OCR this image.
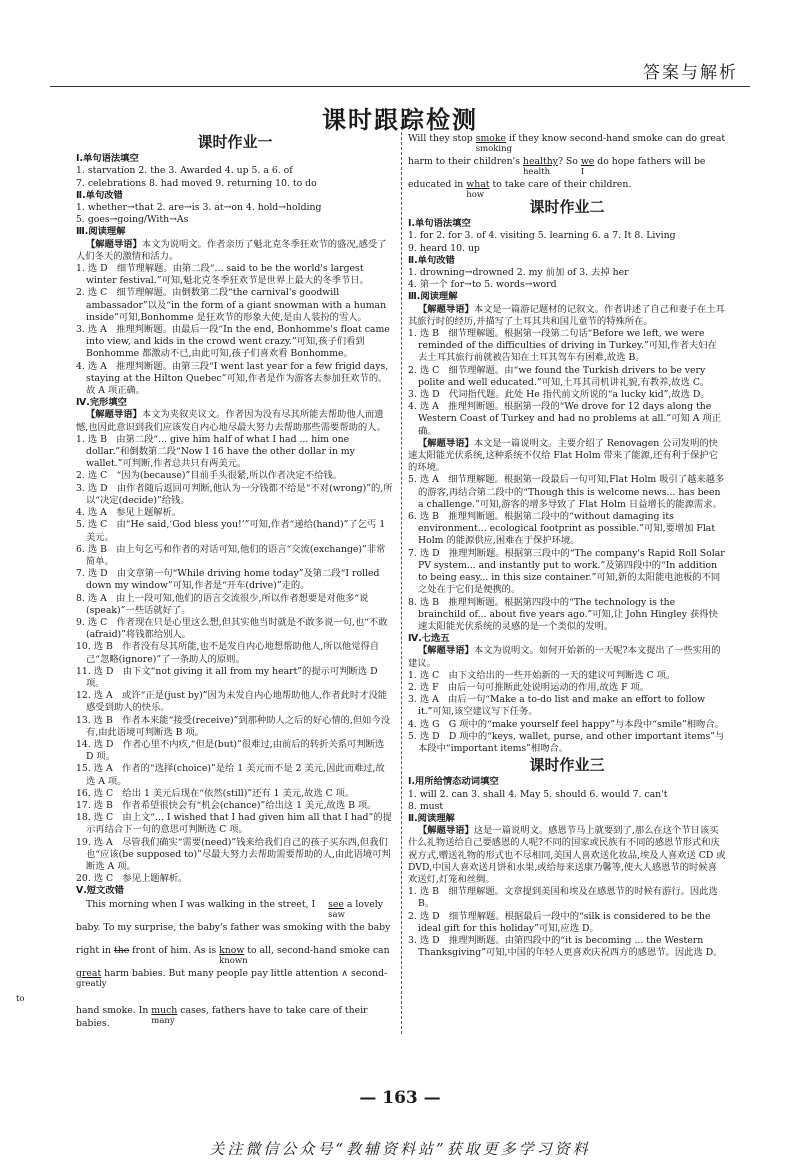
答案与解析
课时跟踪检测
课时作业一

Ⅰ.单句语法填空

1. starvation 2. the 3. Awarded 4. up 5. a 6. of

7. celebrations 8. had moved 9. returning 10. to do

Ⅱ.单句改错

1. whether→that 2. are→is 3. at→on 4. hold→holding

5. goes→going/With→As

Ⅲ.阅读理解

【解题导语】本文为说明文。作者亲历了魁北克冬季狂欢节的盛况,感受了人们冬天的激情和活力。

1. 选 D　细节理解题。由第二段“... said to be the world's largest winter festival.”可知,魁北克冬季狂欢节是世界上最大的冬季节日。

2. 选 C　细节理解题。由倒数第二段“the carnival's goodwill ambassador”以及“in the form of a giant snowman with a human inside”可知,Bonhomme 是狂欢节的形象大使,是由人装扮的雪人。

3. 选 A　推理判断题。由最后一段“In the end, Bonhomme's float came into view, and kids in the crowd went crazy.”可知,孩子们看到 Bonhomme 都激动不已,由此可知,孩子们喜欢看 Bonhomme。

4. 选 A　推理判断题。由第三段“I went last year for a few frigid days, staying at the Hilton Quebec”可知,作者是作为游客去参加狂欢节的。故 A 项正确。

Ⅳ.完形填空

【解题导语】本文为夹叙夹议文。作者因为没有尽其所能去帮助他人而遗憾,也因此意识到我们应该发自内心地尽最大努力去帮助那些需要帮助的人。

1. 选 B　由第二段“... give him half of what I had ... him one dollar.”和倒数第二段“Now I 16 have the other dollar in my wallet.”可判断,作者总共只有两美元。

2. 选 C　“因为(because)”目前手头很紧,所以作者决定不给钱。

3. 选 D　由作者随后返回可判断,他认为一分钱都不给是“不对(wrong)”的,所以“决定(decide)”给钱。

4. 选 A　参见上题解析。

5. 选 C　由“He said,‘God bless you!’”可知,作者“递给(hand)”了乞丐 1 美元。

6. 选 B　由上句乞丐和作者的对话可知,他们的语言“交流(exchange)”非常简单。

7. 选 D　由文章第一句“While driving home today”及第二段“I rolled down my window”可知,作者是“开车(drive)”走的。

8. 选 A　由上一段可知,他们的语言交流很少,所以作者想要是对他多“说(speak)”一些话就好了。

9. 选 C　作者现在只是心里这么想,但其实他当时就是不敢多说一句,也“不敢(afraid)”将钱都给别人。

10. 选 B　作者没有尽其所能,也不是发自内心地想帮助他人,所以他觉得自己“忽略(ignore)”了一条助人的原则。

11. 选 D　由下文“not giving it all from my heart”的提示可判断选 D 项。

12. 选 A　或许“正是(just by)”因为未发自内心地帮助他人,作者此时才没能感受到助人的快乐。

13. 选 B　作者本来能“接受(receive)”到那种助人之后的好心情的,但如今没有,由此语境可判断选 B 项。

14. 选 D　作者心里不内疚,“但是(but)”很难过,由前后的转折关系可判断选 D 项。

15. 选 A　作者的“选择(choice)”是给 1 美元而不是 2 美元,因此而难过,故选 A 项。

16. 选 C　给出 1 美元后现在“依然(still)”还有 1 美元,故选 C 项。

17. 选 B　作者希望很快会有“机会(chance)”给出这 1 美元,故选 B 项。

18. 选 C　由上文“... I wished that I had given him all that I had”的提示再结合下一句的意思可判断选 C 项。

19. 选 A　尽管我们确实“需要(need)”钱来给我们自己的孩子买东西,但我们也“应该(be supposed to)”尽最大努力去帮助需要帮助的人,由此语境可判断选 A 项。

20. 选 C　参见上题解析。

Ⅴ.短文改错

This morning when I was walking in the street, I see
saw
a lovely

baby. To my surprise, the baby's father was smoking with the baby

right in the front of him. As is know
known
to all, second-hand smoke can

great
greatly
harm babies. But many people pay little attention ∧ second-to

hand smoke. In much
many
cases, fathers have to take care of their babies.

Will they stop smoke
smoking
if they know second-hand smoke can do great

harm to their children's healthy
health
? So $\frac{we}{I}$ do hope fathers will be

educated in what
how
to take care of their children.

课时作业二

Ⅰ.单句语法填空

1. for 2. for 3. of 4. visiting 5. learning 6. a 7. It 8. Living

9. heard 10. up

Ⅱ.单句改错

1. drowning→drowned 2. my 前加 of 3. 去掉 her

4. 第一个 for→to 5. words→word

Ⅲ.阅读理解

【解题导语】本文是一篇游记题材的记叙文。作者讲述了自己和妻子在土耳其旅行时的经历,并描写了土耳其共和国儿童节的特殊所在。

1. 选 B　细节理解题。根据第一段第二句话“Before we left, we were reminded of the difficulties of driving in Turkey.”可知,作者夫妇在去土耳其旅行前就被告知在土耳其驾车有困难,故选 B。

2. 选 C　细节理解题。由“we found the Turkish drivers to be very polite and well educated.”可知,土耳其司机讲礼貌,有教养,故选 C。

3. 选 D　代词指代题。此处 He 指代前文所说的“a lucky kid”,故选 D。

4. 选 A　推理判断题。根据第一段的“We drove for 12 days along the Western Coast of Turkey and had no problems at all.”可知 A 项正确。

【解题导语】本文是一篇说明文。主要介绍了 Renovagen 公司发明的快速太阳能光伏系统,这种系统不仅给 Flat Holm 带来了能源,还有利于保护它的环境。

5. 选 A　细节理解题。根据第一段最后一句可知,Flat Holm 吸引了越来越多的游客,再结合第二段中的“Though this is welcome news... has been a challenge.”可知,游客的增多导致了 Flat Holm 日益增长的能源需求。

6. 选 B　推理判断题。根据第二段中的“without damaging its environment... ecological footprint as possible.”可知,要增加 Flat Holm 的能源供应,困难在于保护环境。

7. 选 D　推理判断题。根据第三段中的“The company's Rapid Roll Solar PV system... and instantly put to work.”及第四段中的“In addition to being easy... in this size container.”可知,新的太阳能电池板的不同之处在于它们是便携的。

8. 选 B　推理判断题。根据第四段中的“The technology is the brainchild of... about five years ago.”可知,让 John Hingley 获得快速太阳能光伏系统的灵感的是一个类似的发明。

Ⅳ.七选五

【解题导语】本文为说明文。如何开始新的一天呢?本文提出了一些实用的建议。

1. 选 C　由下文给出的一些开始新的一天的建议可判断选 C 项。

2. 选 F　由后一句可推断此处说明运动的作用,故选 F 项。

3. 选 A　由后一句“Make a to-do list and make an effort to follow it.”可知,该空建议写下任务。

4. 选 G　G 项中的“make yourself feel happy”与本段中“smile”相吻合。

5. 选 D　D 项中的“keys, wallet, purse, and other important items”与本段中“important items”相吻合。

课时作业三

Ⅰ.用所给情态动词填空

1. will 2. can 3. shall 4. May 5. should 6. would 7. can't

8. must

Ⅱ.阅读理解

【解题导语】这是一篇说明文。感恩节马上就要到了,那么在这个节日该买什么礼物送给自己要感恩的人呢?不同的国家或民族有不同的感恩节形式和庆祝方式,赠送礼物的形式也不尽相同,美国人喜欢送化妆品,埃及人喜欢送 CD 或 DVD,中国人喜欢送月饼和水果,或给每来送康乃馨等,使大人感恩节的时候喜欢送灯,灯笼和丝绸。

1. 选 B　细节理解题。文章提到美国和埃及在感恩节的时候有游行。因此选 B。

2. 选 D　细节理解题。根据最后一段中的“silk is considered to be the ideal gift for this holiday”可知,应选 D。

3. 选 D　推理判断题。由第四段中的“it is becoming ... the Western Thanksgiving”可知,中国的年轻人更喜欢庆祝西方的感恩节。因此选 D。

— 163 —
关注微信公众号“教辅资料站”获取更多学习资料
